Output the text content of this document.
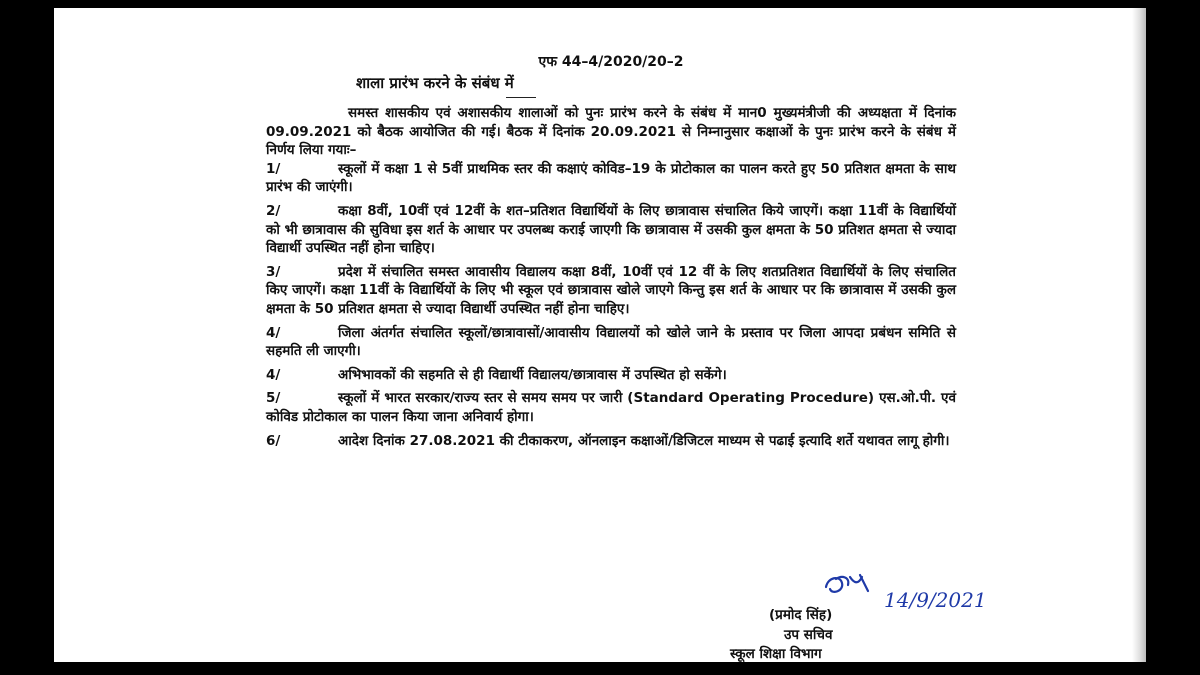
एफ 44–4/2020/20–2
शाला प्रारंभ करने के संबंध में

समस्त शासकीय एवं अशासकीय शालाओं को पुनः प्रारंभ करने के संबंध में मान0 मुख्यमंत्रीजी की अध्यक्षता में दिनांक 09.09.2021 को बैठक आयोजित की गई। बैठक में दिनांक 20.09.2021 से निम्नानुसार कक्षाओं के पुनः प्रारंभ करने के संबंध में निर्णय लिया गयाः–

1/	स्कूलों में कक्षा 1 से 5वीं प्राथमिक स्तर की कक्षाएं कोविड–19 के प्रोटोकाल का पालन करते हुए 50 प्रतिशत क्षमता के साथ प्रारंभ की जाएंगी।
2/	कक्षा 8वीं, 10वीं एवं 12वीं के शत–प्रतिशत विद्यार्थियों के लिए छात्रावास संचालित किये जाएगें। कक्षा 11वीं के विद्यार्थियों को भी छात्रावास की सुविधा इस शर्त के आधार पर उपलब्ध कराई जाएगी कि छात्रावास में उसकी कुल क्षमता के 50 प्रतिशत क्षमता से ज्यादा विद्यार्थी उपस्थित नहीं होना चाहिए।
3/	प्रदेश में संचालित समस्त आवासीय विद्यालय कक्षा 8वीं, 10वीं एवं 12 वीं के लिए शतप्रतिशत विद्यार्थियों के लिए संचालित किए जाएगें। कक्षा 11वीं के विद्यार्थियों के लिए भी स्कूल एवं छात्रावास खोले जाएगे किन्तु इस शर्त के आधार पर कि छात्रावास में उसकी कुल क्षमता के 50 प्रतिशत क्षमता से ज्यादा विद्यार्थी उपस्थित नहीं होना चाहिए।
4/	जिला अंतर्गत संचालित स्कूलों/छात्रावासों/आवासीय विद्यालयों को खोले जाने के प्रस्ताव पर जिला आपदा प्रबंधन समिति से सहमति ली जाएगी।
4/	अभिभावकों की सहमति से ही विद्यार्थी विद्यालय/छात्रावास में उपस्थित हो सकेंगे।
5/	स्कूलों में भारत सरकार/राज्य स्तर से समय समय पर जारी (Standard Operating Procedure) एस.ओ.पी. एवं कोविड प्रोटोकाल का पालन किया जाना अनिवार्य होगा।
6/	आदेश दिनांक 27.08.2021 की टीकाकरण, ऑनलाइन कक्षाओं/डिजिटल माध्यम से पढाई इत्यादि शर्ते यथावत लागू होगी।
14/9/2021
(प्रमोद सिंह)
उप सचिव
स्कूल शिक्षा विभाग
